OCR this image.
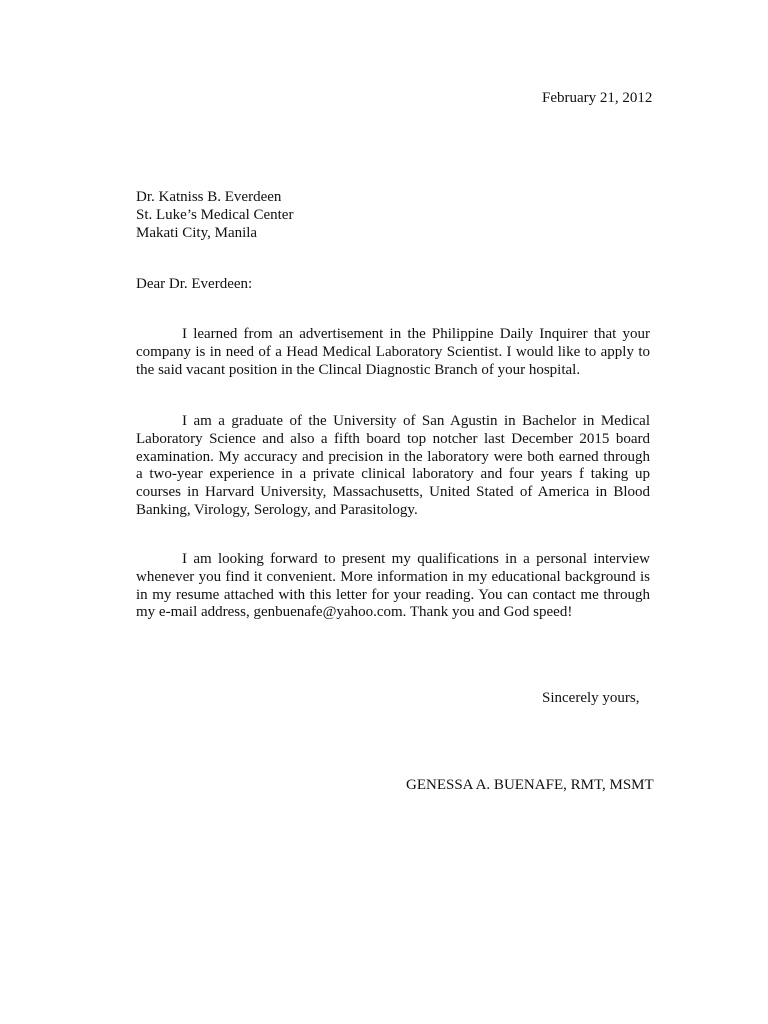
February 21, 2012
Dr. Katniss B. Everdeen
St. Luke’s Medical Center
Makati City, Manila
Dear Dr. Everdeen:

I learned from an advertisement in the Philippine Daily Inquirer that your company is in need of a Head Medical Laboratory Scientist. I would like to apply to the said vacant position in the Clincal Diagnostic Branch of your hospital.

I am a graduate of the University of San Agustin in Bachelor in Medical Laboratory Science and also a fifth board top notcher last December 2015 board examination. My accuracy and precision in the laboratory were both earned through a two-year experience in a private clinical laboratory and four years f taking up courses in Harvard University, Massachusetts, United Stated of America in Blood Banking, Virology, Serology, and Parasitology.

I am looking forward to present my qualifications in a personal interview whenever you find it convenient. More information in my educational background is in my resume attached with this letter for your reading. You can contact me through my e-mail address, genbuenafe@yahoo.com. Thank you and God speed!

Sincerely yours,
GENESSA A. BUENAFE, RMT, MSMT
